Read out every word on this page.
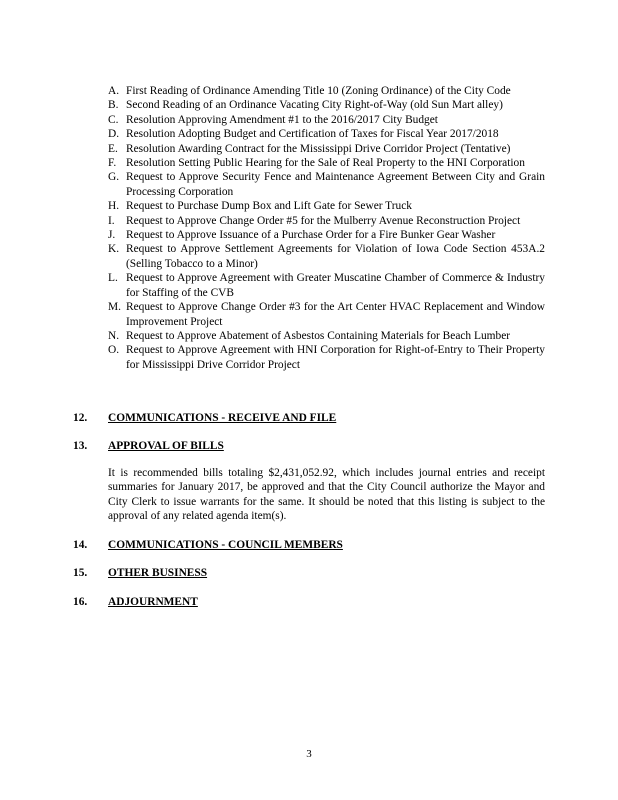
A. First Reading of Ordinance Amending Title 10 (Zoning Ordinance) of the City Code
B. Second Reading of an Ordinance Vacating City Right-of-Way (old Sun Mart alley)
C. Resolution Approving Amendment #1 to the 2016/2017 City Budget
D. Resolution Adopting Budget and Certification of Taxes for Fiscal Year 2017/2018
E. Resolution Awarding Contract for the Mississippi Drive Corridor Project (Tentative)
F. Resolution Setting Public Hearing for the Sale of Real Property to the HNI Corporation
G. Request to Approve Security Fence and Maintenance Agreement Between City and Grain Processing Corporation
H. Request to Purchase Dump Box and Lift Gate for Sewer Truck
I. Request to Approve Change Order #5 for the Mulberry Avenue Reconstruction Project
J. Request to Approve Issuance of a Purchase Order for a Fire Bunker Gear Washer
K. Request to Approve Settlement Agreements for Violation of Iowa Code Section 453A.2 (Selling Tobacco to a Minor)
L. Request to Approve Agreement with Greater Muscatine Chamber of Commerce & Industry for Staffing of the CVB
M. Request to Approve Change Order #3 for the Art Center HVAC Replacement and Window Improvement Project
N. Request to Approve Abatement of Asbestos Containing Materials for Beach Lumber
O. Request to Approve Agreement with HNI Corporation for Right-of-Entry to Their Property for Mississippi Drive Corridor Project
12. COMMUNICATIONS - RECEIVE AND FILE
13. APPROVAL OF BILLS
It is recommended bills totaling $2,431,052.92, which includes journal entries and receipt summaries for January 2017, be approved and that the City Council authorize the Mayor and City Clerk to issue warrants for the same. It should be noted that this listing is subject to the approval of any related agenda item(s).
14. COMMUNICATIONS - COUNCIL MEMBERS
15. OTHER BUSINESS
16. ADJOURNMENT
3
